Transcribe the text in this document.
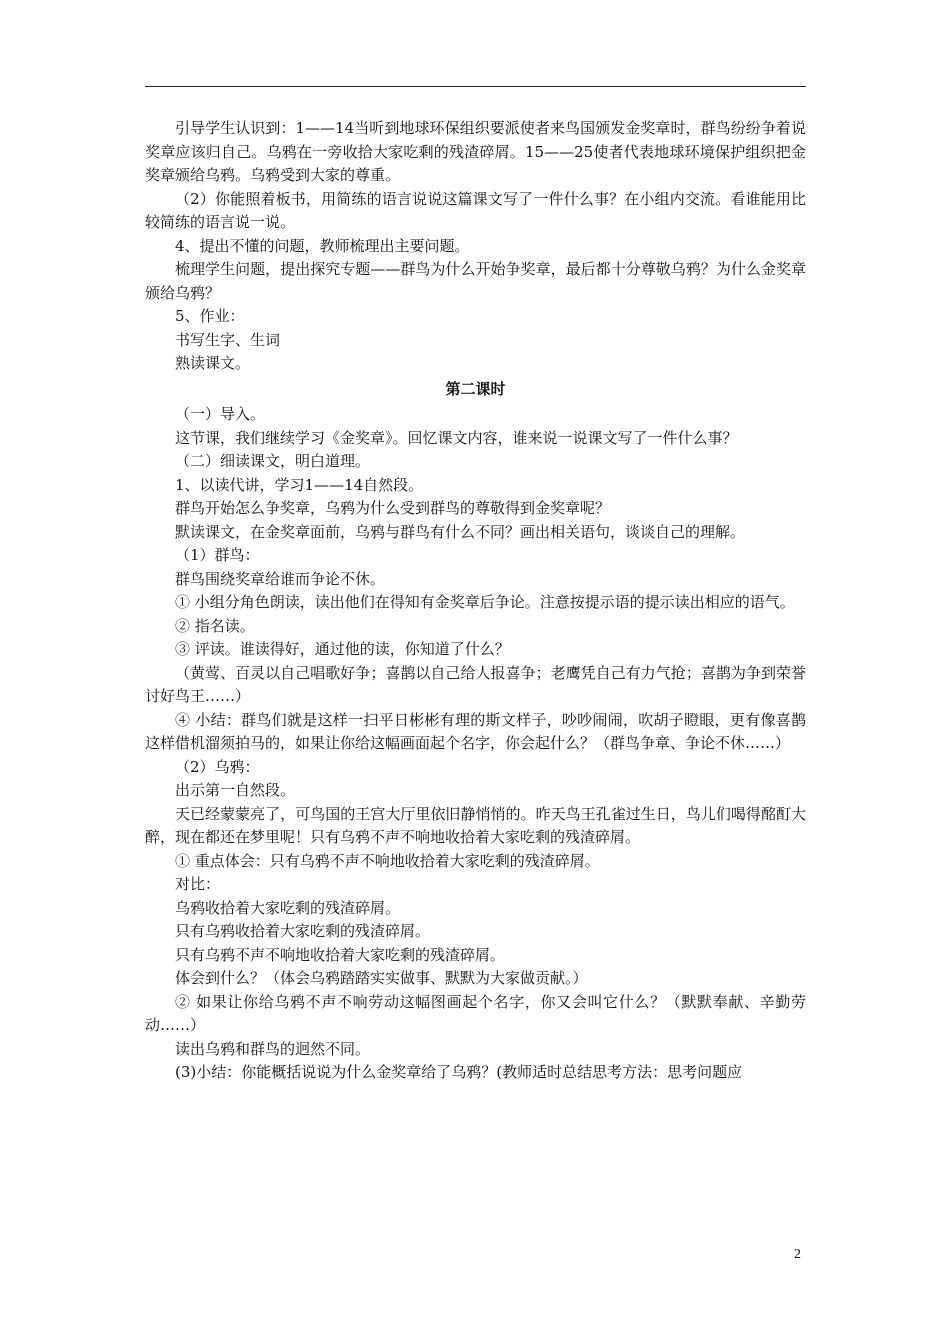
引导学生认识到：1——14当听到地球环保组织要派使者来鸟国颁发金奖章时，群鸟纷纷争着说奖章应该归自己。乌鸦在一旁收拾大家吃剩的残渣碎屑。15——25使者代表地球环境保护组织把金奖章颁给乌鸦。乌鸦受到大家的尊重。

（2）你能照着板书，用简练的语言说说这篇课文写了一件什么事？在小组内交流。看谁能用比较简练的语言说一说。

4、提出不懂的问题，教师梳理出主要问题。

梳理学生问题，提出探究专题——群鸟为什么开始争奖章，最后都十分尊敬乌鸦？为什么金奖章颁给乌鸦？

5、作业：

书写生字、生词

熟读课文。

第二课时

（一）导入。

这节课，我们继续学习《金奖章》。回忆课文内容，谁来说一说课文写了一件什么事？

（二）细读课文，明白道理。

1、以读代讲，学习1——14自然段。

群鸟开始怎么争奖章，乌鸦为什么受到群鸟的尊敬得到金奖章呢？

默读课文，在金奖章面前，乌鸦与群鸟有什么不同？画出相关语句，谈谈自己的理解。

（1）群鸟：

群鸟围绕奖章给谁而争论不休。

① 小组分角色朗读，读出他们在得知有金奖章后争论。注意按提示语的提示读出相应的语气。

② 指名读。

③ 评读。谁读得好，通过他的读，你知道了什么？

（黄莺、百灵以自己唱歌好争；喜鹊以自己给人报喜争；老鹰凭自己有力气抢；喜鹊为争到荣誉讨好鸟王……）

④ 小结：群鸟们就是这样一扫平日彬彬有理的斯文样子，吵吵闹闹，吹胡子瞪眼，更有像喜鹊这样借机溜须拍马的，如果让你给这幅画面起个名字，你会起什么？（群鸟争章、争论不休……）

（2）乌鸦：

出示第一自然段。

天已经蒙蒙亮了，可鸟国的王宫大厅里依旧静悄悄的。昨天鸟王孔雀过生日，鸟儿们喝得酩酊大醉，现在都还在梦里呢！只有乌鸦不声不响地收拾着大家吃剩的残渣碎屑。

① 重点体会：只有乌鸦不声不响地收拾着大家吃剩的残渣碎屑。

对比：

乌鸦收拾着大家吃剩的残渣碎屑。

只有乌鸦收拾着大家吃剩的残渣碎屑。

只有乌鸦不声不响地收拾着大家吃剩的残渣碎屑。

体会到什么？（体会乌鸦踏踏实实做事、默默为大家做贡献。）

② 如果让你给乌鸦不声不响劳动这幅图画起个名字，你又会叫它什么？（默默奉献、辛勤劳动……）

读出乌鸦和群鸟的迥然不同。

(3)小结：你能概括说说为什么金奖章给了乌鸦？(教师适时总结思考方法：思考问题应

2
